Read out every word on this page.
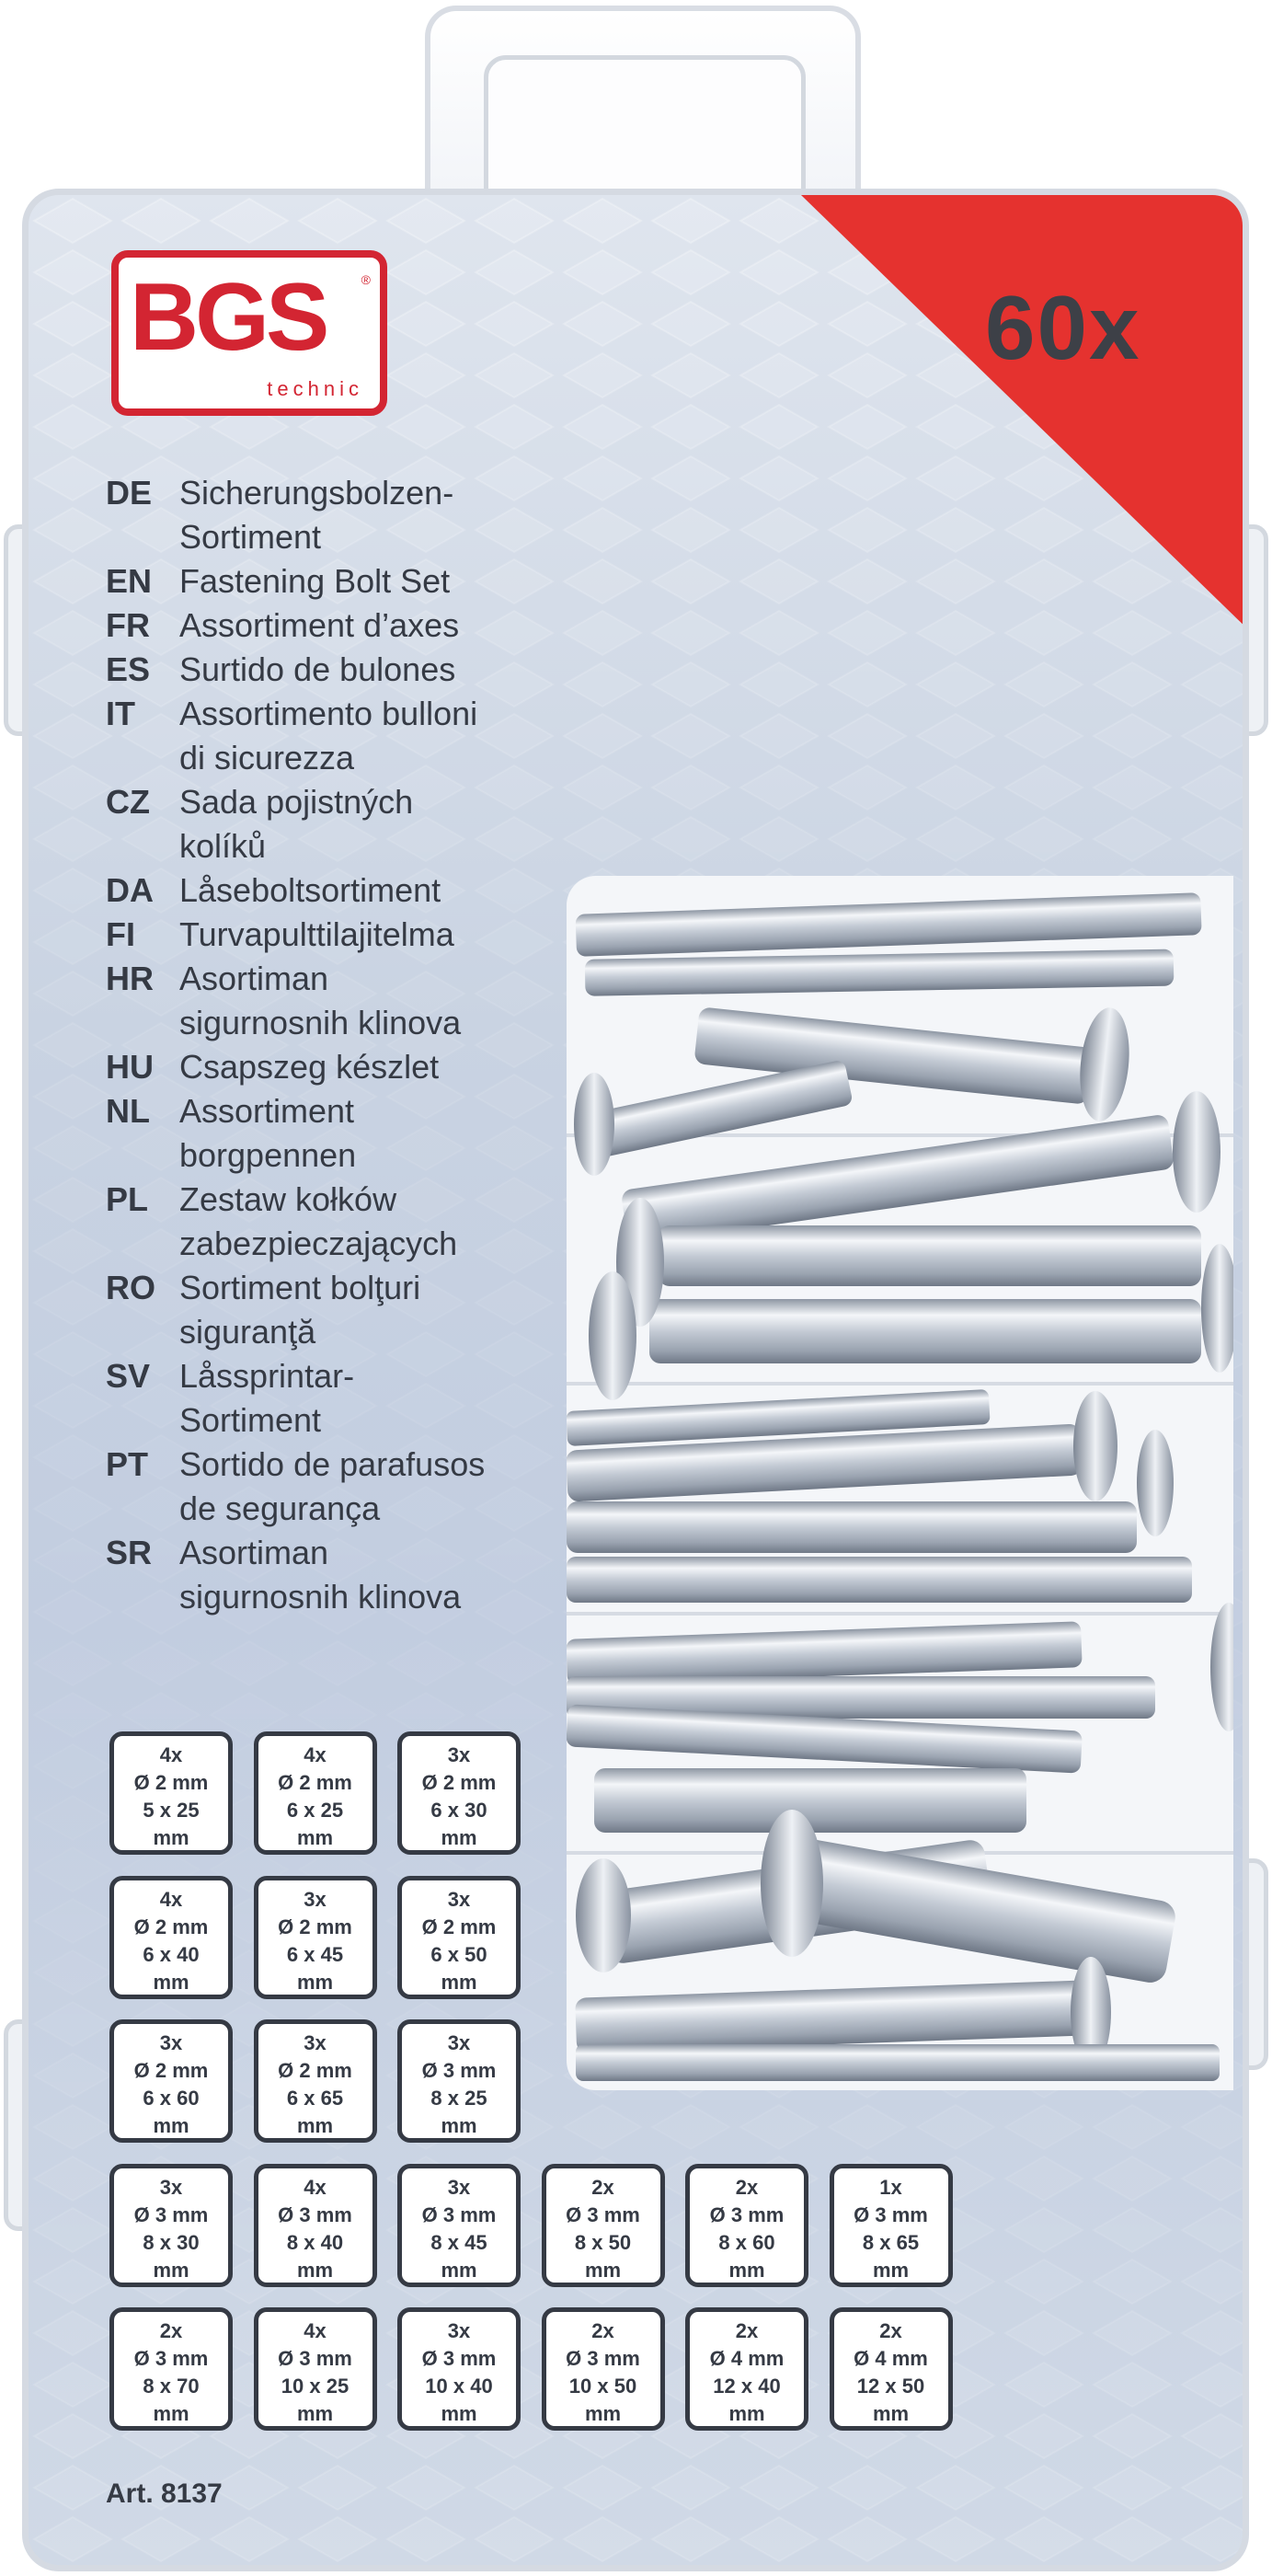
60x
BGS	®
technic
DE Sicherungsbolzen-
Sortiment
EN Fastening Bolt Set
FR Assortiment d’axes
ES Surtido de bulones
IT	Assortimento bulloni
di sicurezza
CZ Sada pojistných
kolíků
DA Låseboltsortiment
FI	Turvapulttilajitelma
HR Asortiman
sigurnosnih klinova
HU Csapszeg készlet
NL Assortiment
borgpennen
PL Zestaw kołków
zabezpieczających
RO Sortiment bolţuri
siguranţă
SV Låssprintar-
Sortiment
PT Sortido de parafusos
de segurança
SR Asortiman
sigurnosnih klinova
4x
Ø 2 mm
5 x 25
mm
4x
Ø 2 mm
6 x 25
mm
3x
Ø 2 mm
6 x 30
mm
4x
Ø 2 mm
6 x 40
mm
3x
Ø 2 mm
6 x 45
mm
3x
Ø 2 mm
6 x 50
mm
3x
Ø 2 mm
6 x 60
mm
3x
Ø 2 mm
6 x 65
mm
3x
Ø 3 mm
8 x 25
mm
3x
Ø 3 mm
8 x 30
mm
4x
Ø 3 mm
8 x 40
mm
3x
Ø 3 mm
8 x 45
mm
2x
Ø 3 mm
8 x 50
mm
2x
Ø 3 mm
8 x 60
mm
1x
Ø 3 mm
8 x 65
mm
2x
Ø 3 mm
8 x 70
mm
4x
Ø 3 mm
10 x 25
mm
3x
Ø 3 mm
10 x 40
mm
2x
Ø 3 mm
10 x 50
mm
2x
Ø 4 mm
12 x 40
mm
2x
Ø 4 mm
12 x 50
mm
Art. 8137
